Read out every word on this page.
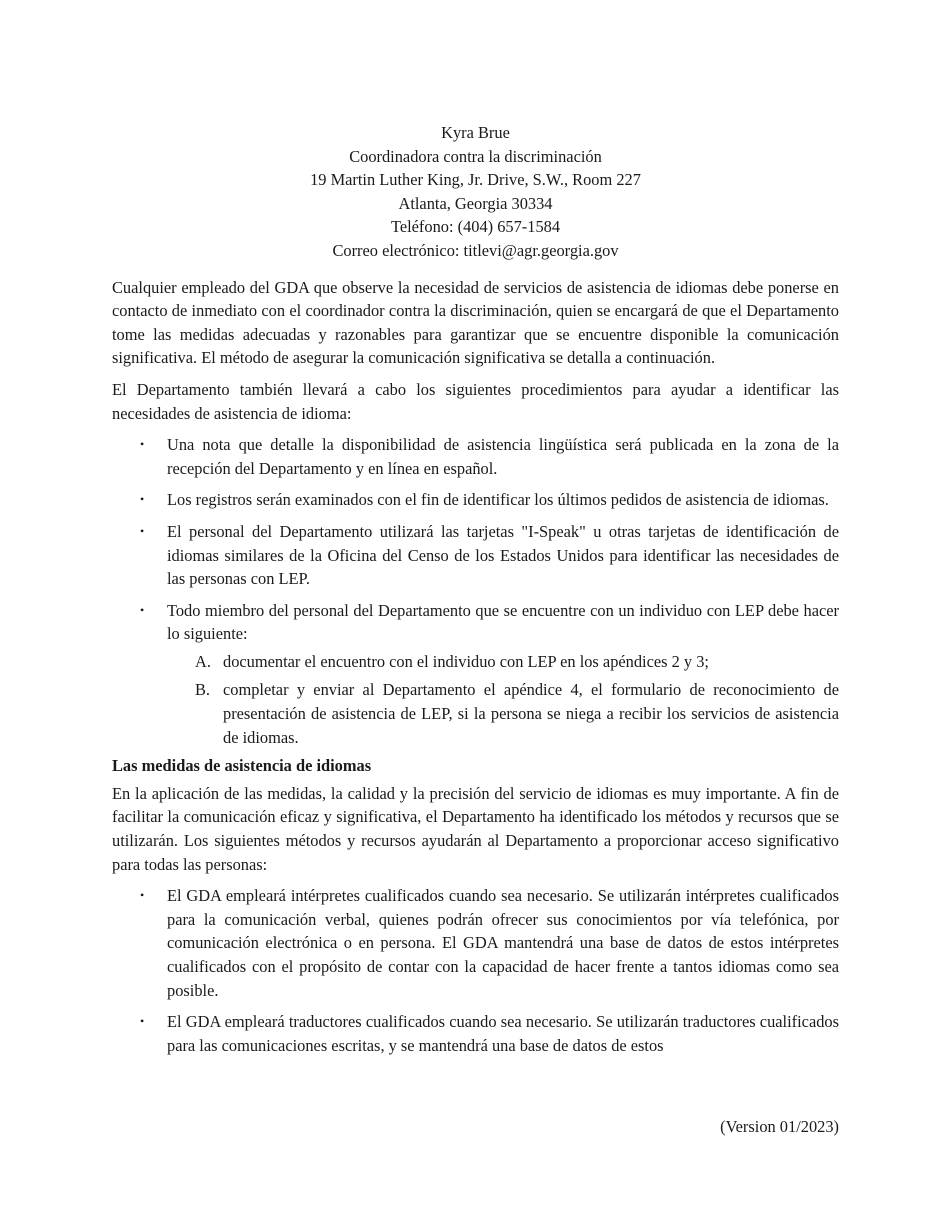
Kyra Brue
Coordinadora contra la discriminación
19 Martin Luther King, Jr. Drive, S.W., Room 227
Atlanta, Georgia 30334
Teléfono: (404) 657-1584
Correo electrónico: titlevi@agr.georgia.gov

Cualquier empleado del GDA que observe la necesidad de servicios de asistencia de idiomas debe ponerse en contacto de inmediato con el coordinador contra la discriminación, quien se encargará de que el Departamento tome las medidas adecuadas y razonables para garantizar que se encuentre disponible la comunicación significativa. El método de asegurar la comunicación significativa se detalla a continuación.

El Departamento también llevará a cabo los siguientes procedimientos para ayudar a identificar las necesidades de asistencia de idioma:

• Una nota que detalle la disponibilidad de asistencia lingüística será publicada en la zona de la recepción del Departamento y en línea en español.
• Los registros serán examinados con el fin de identificar los últimos pedidos de asistencia de idiomas.
• El personal del Departamento utilizará las tarjetas "I-Speak" u otras tarjetas de identificación de idiomas similares de la Oficina del Censo de los Estados Unidos para identificar las necesidades de las personas con LEP.
• Todo miembro del personal del Departamento que se encuentre con un individuo con LEP debe hacer lo siguiente:
A. documentar el encuentro con el individuo con LEP en los apéndices 2 y 3;
B. completar y enviar al Departamento el apéndice 4, el formulario de reconocimiento de presentación de asistencia de LEP, si la persona se niega a recibir los servicios de asistencia de idiomas.
Las medidas de asistencia de idiomas

En la aplicación de las medidas, la calidad y la precisión del servicio de idiomas es muy importante. A fin de facilitar la comunicación eficaz y significativa, el Departamento ha identificado los métodos y recursos que se utilizarán. Los siguientes métodos y recursos ayudarán al Departamento a proporcionar acceso significativo para todas las personas:

• El GDA empleará intérpretes cualificados cuando sea necesario. Se utilizarán intérpretes cualificados para la comunicación verbal, quienes podrán ofrecer sus conocimientos por vía telefónica, por comunicación electrónica o en persona. El GDA mantendrá una base de datos de estos intérpretes cualificados con el propósito de contar con la capacidad de hacer frente a tantos idiomas como sea posible.
• El GDA empleará traductores cualificados cuando sea necesario. Se utilizarán traductores cualificados para las comunicaciones escritas, y se mantendrá una base de datos de estos
(Version 01/2023)
